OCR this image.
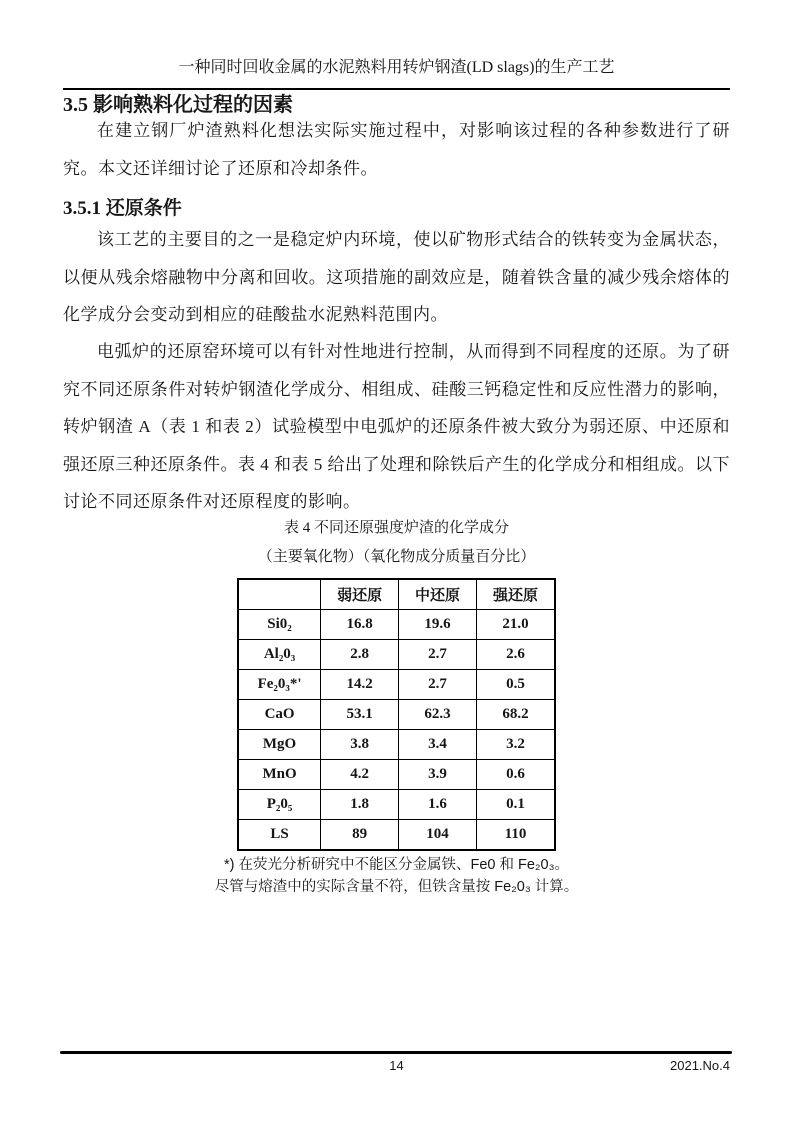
一种同时回收金属的水泥熟料用转炉钢渣(LD slags)的生产工艺
3.5 影响熟料化过程的因素
在建立钢厂炉渣熟料化想法实际实施过程中，对影响该过程的各种参数进行了研究。本文还详细讨论了还原和冷却条件。
3.5.1 还原条件
该工艺的主要目的之一是稳定炉内环境，使以矿物形式结合的铁转变为金属状态，以便从残余熔融物中分离和回收。这项措施的副效应是，随着铁含量的减少残余熔体的化学成分会变动到相应的硅酸盐水泥熟料范围内。
电弧炉的还原窑环境可以有针对性地进行控制，从而得到不同程度的还原。为了研究不同还原条件对转炉钢渣化学成分、相组成、硅酸三钙稳定性和反应性潜力的影响，转炉钢渣 A（表 1 和表 2）试验模型中电弧炉的还原条件被大致分为弱还原、中还原和强还原三种还原条件。表 4 和表 5 给出了处理和除铁后产生的化学成分和相组成。以下讨论不同还原条件对还原程度的影响。
表 4 不同还原强度炉渣的化学成分
（主要氧化物）（氧化物成分质量百分比）
	弱还原	中还原	强还原
Si0₂	16.8	19.6	21.0
Al₂0₃	2.8	2.7	2.6
Fe₂0₃*'	14.2	2.7	0.5
CaO	53.1	62.3	68.2
MgO	3.8	3.4	3.2
MnO	4.2	3.9	0.6
P₂0₅	1.8	1.6	0.1
LS	89	104	110
*) 在荧光分析研究中不能区分金属铁、Fe0 和 Fe₂0₃。
尽管与熔渣中的实际含量不符，但铁含量按 Fe₂0₃ 计算。
14	2021.No.4
